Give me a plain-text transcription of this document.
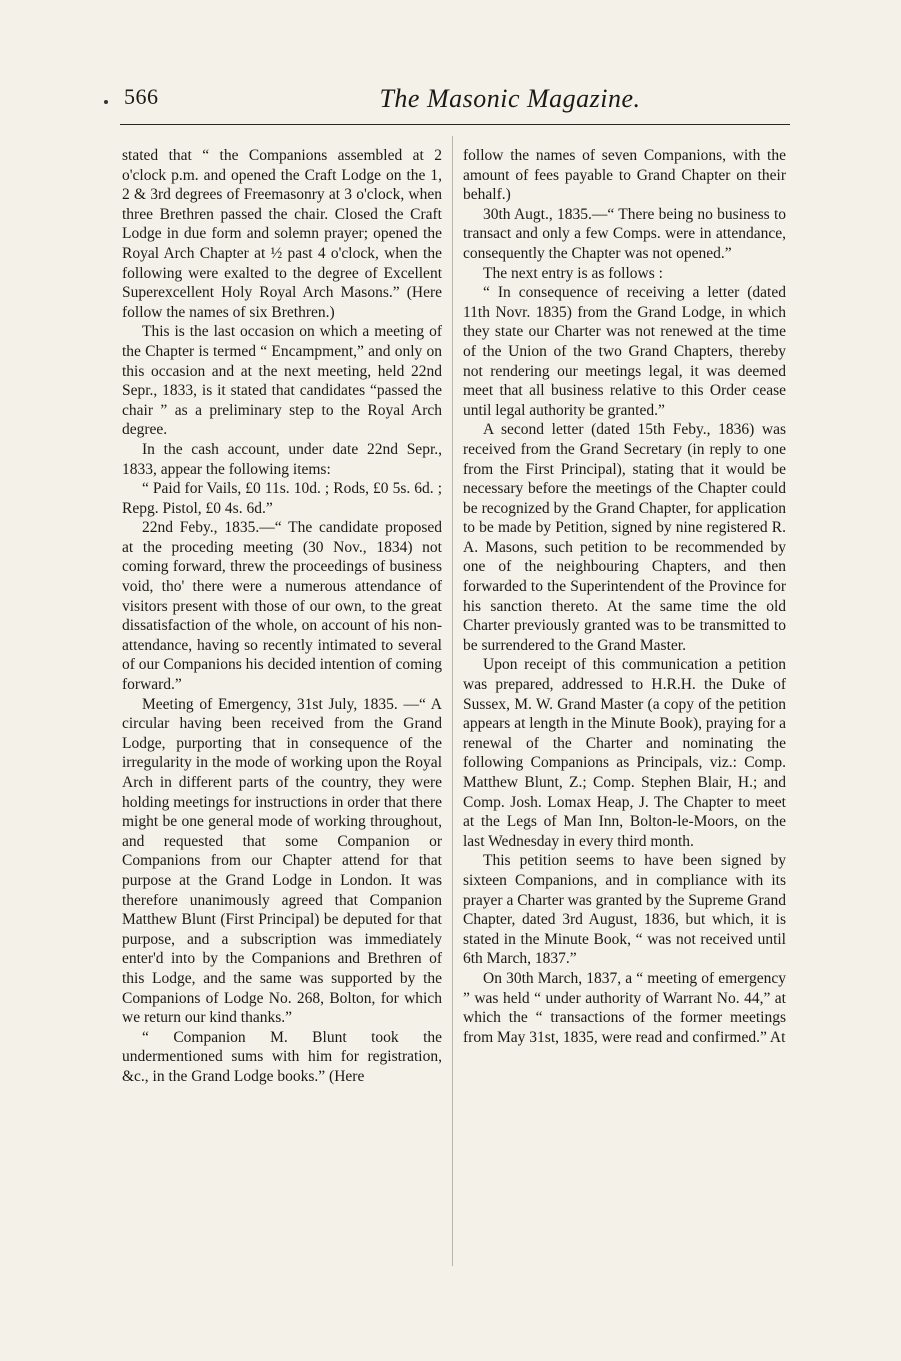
566	The Masonic Magazine.

stated that “ the Companions assembled at 2 o'clock p.m. and opened the Craft Lodge on the 1, 2 & 3rd degrees of Freemasonry at 3 o'clock, when three Brethren passed the chair. Closed the Craft Lodge in due form and solemn prayer; opened the Royal Arch Chapter at ½ past 4 o'clock, when the following were exalted to the degree of Excellent Superexcellent Holy Royal Arch Masons.” (Here follow the names of six Brethren.)

This is the last occasion on which a meeting of the Chapter is termed “ Encampment,” and only on this occasion and at the next meeting, held 22nd Sepr., 1833, is it stated that candidates “passed the chair ” as a preliminary step to the Royal Arch degree.

In the cash account, under date 22nd Sepr., 1833, appear the following items:

“ Paid for Vails, £0 11s. 10d. ; Rods, £0 5s. 6d. ; Repg. Pistol, £0 4s. 6d.”

22nd Feby., 1835.—“ The candidate proposed at the proceding meeting (30 Nov., 1834) not coming forward, threw the proceedings of business void, tho' there were a numerous attendance of visitors present with those of our own, to the great dissatisfaction of the whole, on account of his non-attendance, having so recently intimated to several of our Companions his decided intention of coming forward.”

Meeting of Emergency, 31st July, 1835. —“ A circular having been received from the Grand Lodge, purporting that in consequence of the irregularity in the mode of working upon the Royal Arch in different parts of the country, they were holding meetings for instructions in order that there might be one general mode of working throughout, and requested that some Companion or Companions from our Chapter attend for that purpose at the Grand Lodge in London. It was therefore unanimously agreed that Companion Matthew Blunt (First Principal) be deputed for that purpose, and a subscription was immediately enter'd into by the Companions and Brethren of this Lodge, and the same was supported by the Companions of Lodge No. 268, Bolton, for which we return our kind thanks.”

“ Companion M. Blunt took the undermentioned sums with him for registration, &c., in the Grand Lodge books.” (Here

follow the names of seven Companions, with the amount of fees payable to Grand Chapter on their behalf.)

30th Augt., 1835.—“ There being no business to transact and only a few Comps. were in attendance, consequently the Chapter was not opened.”

The next entry is as follows :

“ In consequence of receiving a letter (dated 11th Novr. 1835) from the Grand Lodge, in which they state our Charter was not renewed at the time of the Union of the two Grand Chapters, thereby not rendering our meetings legal, it was deemed meet that all business relative to this Order cease until legal authority be granted.”

A second letter (dated 15th Feby., 1836) was received from the Grand Secretary (in reply to one from the First Principal), stating that it would be necessary before the meetings of the Chapter could be recognized by the Grand Chapter, for application to be made by Petition, signed by nine registered R. A. Masons, such petition to be recommended by one of the neighbouring Chapters, and then forwarded to the Superintendent of the Province for his sanction thereto. At the same time the old Charter previously granted was to be transmitted to be surrendered to the Grand Master.

Upon receipt of this communication a petition was prepared, addressed to H.R.H. the Duke of Sussex, M. W. Grand Master (a copy of the petition appears at length in the Minute Book), praying for a renewal of the Charter and nominating the following Companions as Principals, viz.: Comp. Matthew Blunt, Z.; Comp. Stephen Blair, H.; and Comp. Josh. Lomax Heap, J. The Chapter to meet at the Legs of Man Inn, Bolton-le-Moors, on the last Wednesday in every third month.

This petition seems to have been signed by sixteen Companions, and in compliance with its prayer a Charter was granted by the Supreme Grand Chapter, dated 3rd August, 1836, but which, it is stated in the Minute Book, “ was not received until 6th March, 1837.”

On 30th March, 1837, a “ meeting of emergency ” was held “ under authority of Warrant No. 44,” at which the “ transactions of the former meetings from May 31st, 1835, were read and confirmed.” At
